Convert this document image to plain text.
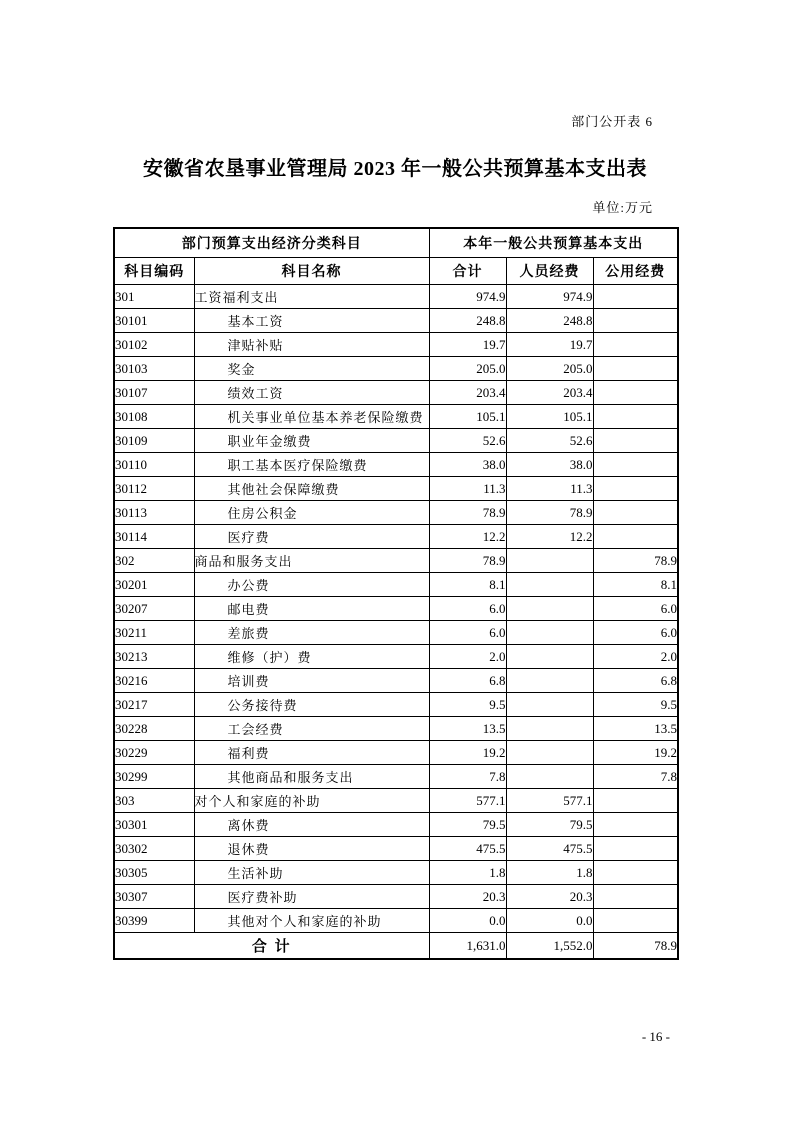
部门公开表 6
安徽省农垦事业管理局 2023 年一般公共预算基本支出表
单位:万元
部门预算支出经济分类科目		本年一般公共预算基本支出		
科目编码	科目名称	合计	人员经费	公用经费
301	工资福利支出	974.9	974.9	
30101	基本工资	248.8	248.8	
30102	津贴补贴	19.7	19.7	
30103	奖金	205.0	205.0	
30107	绩效工资	203.4	203.4	
30108	机关事业单位基本养老保险缴费	105.1	105.1	
30109	职业年金缴费	52.6	52.6	
30110	职工基本医疗保险缴费	38.0	38.0	
30112	其他社会保障缴费	11.3	11.3	
30113	住房公积金	78.9	78.9	
30114	医疗费	12.2	12.2	
302	商品和服务支出	78.9		78.9
30201	办公费	8.1		8.1
30207	邮电费	6.0		6.0
30211	差旅费	6.0		6.0
30213	维修（护）费	2.0		2.0
30216	培训费	6.8		6.8
30217	公务接待费	9.5		9.5
30228	工会经费	13.5		13.5
30229	福利费	19.2		19.2
30299	其他商品和服务支出	7.8		7.8
303	对个人和家庭的补助	577.1	577.1	
30301	离休费	79.5	79.5	
30302	退休费	475.5	475.5	
30305	生活补助	1.8	1.8	
30307	医疗费补助	20.3	20.3	
30399	其他对个人和家庭的补助	0.0	0.0	
合 计		1,631.0	1,552.0	78.9
- 16 -
